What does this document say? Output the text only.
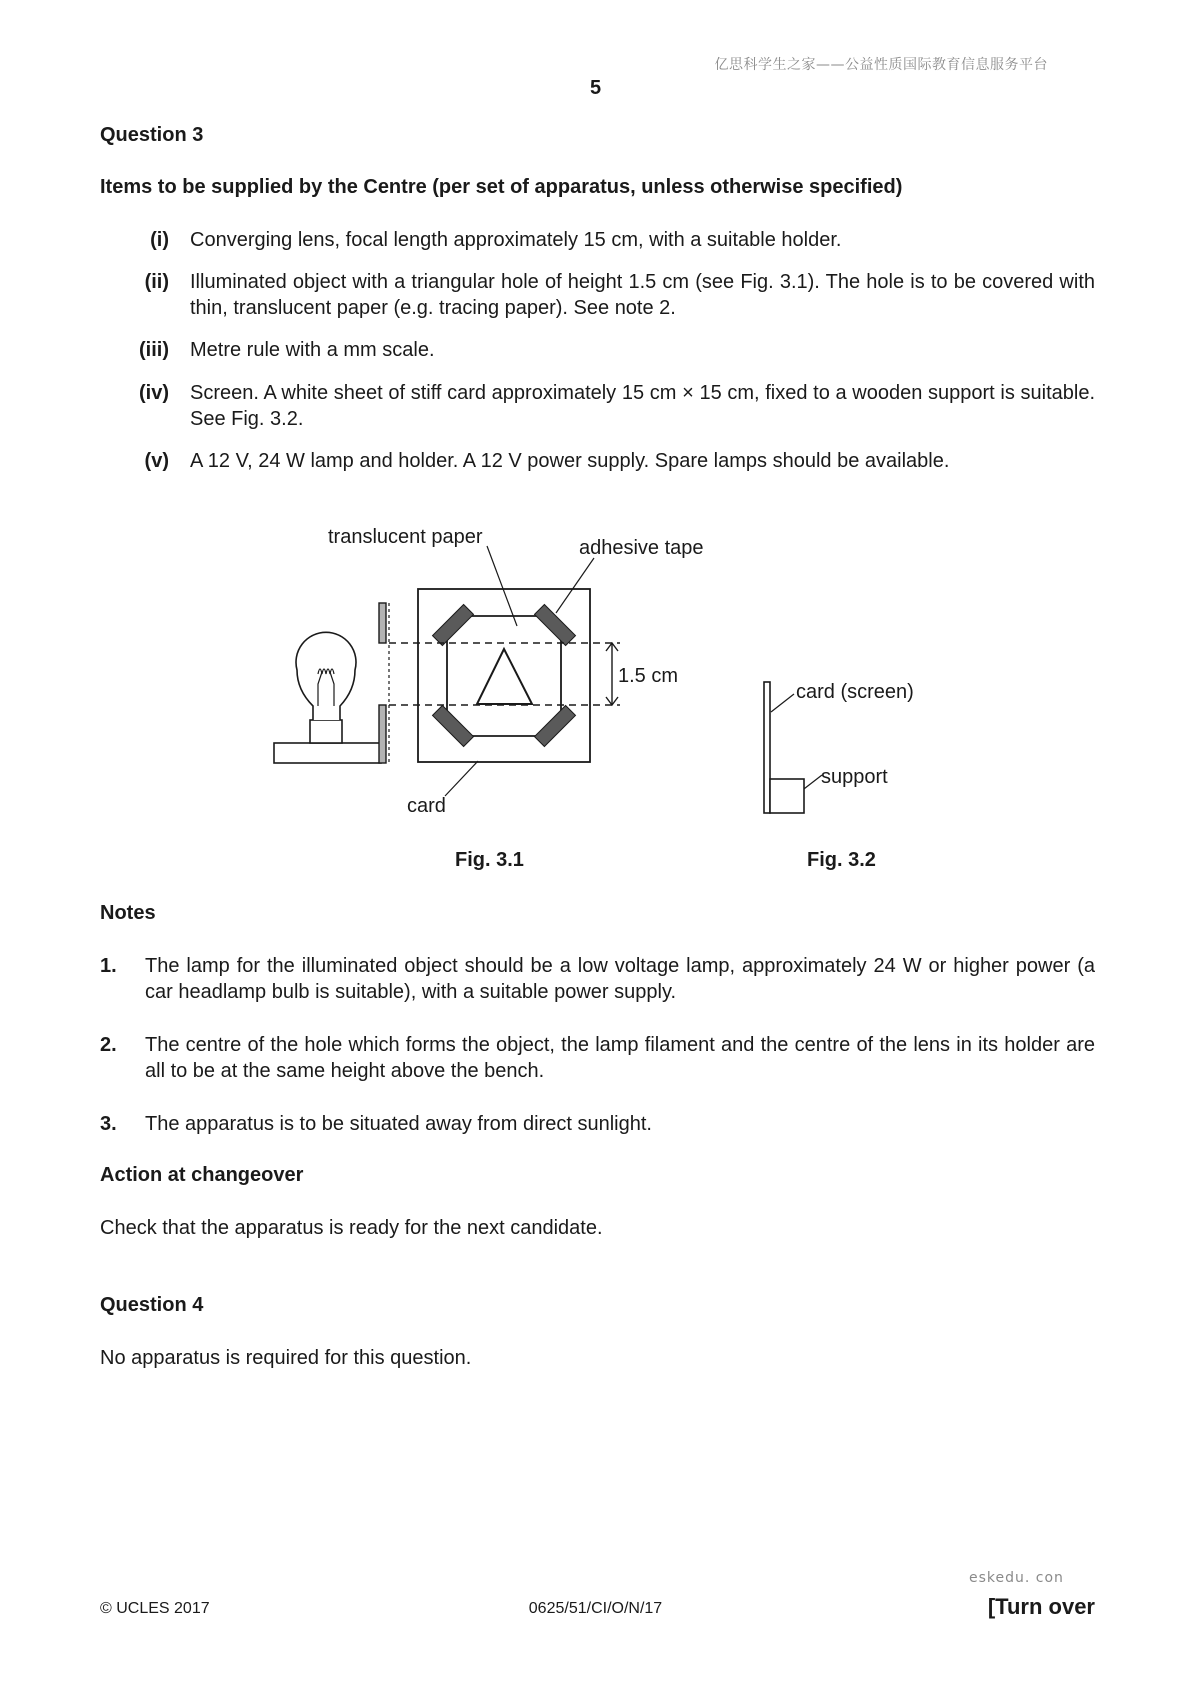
亿思科学生之家——公益性质国际教育信息服务平台
5
Question 3
Items to be supplied by the Centre (per set of apparatus, unless otherwise specified)
(i) Converging lens, focal length approximately 15 cm, with a suitable holder.
(ii) Illuminated object with a triangular hole of height 1.5 cm (see Fig. 3.1). The hole is to be covered with thin, translucent paper (e.g. tracing paper). See note 2.
(iii) Metre rule with a mm scale.
(iv) Screen. A white sheet of stiff card approximately 15 cm × 15 cm, fixed to a wooden support is suitable. See Fig. 3.2.
(v) A 12 V, 24 W lamp and holder. A 12 V power supply. Spare lamps should be available.
translucent paper	adhesive tape
1.5 cm
card
Fig. 3.1
card (screen)
support
Fig. 3.2
Notes
1. The lamp for the illuminated object should be a low voltage lamp, approximately 24 W or higher power (a car headlamp bulb is suitable), with a suitable power supply.
2. The centre of the hole which forms the object, the lamp filament and the centre of the lens in its holder are all to be at the same height above the bench.
3. The apparatus is to be situated away from direct sunlight.
Action at changeover
Check that the apparatus is ready for the next candidate.
Question 4
No apparatus is required for this question.
eskedu. con
© UCLES 2017	0625/51/CI/O/N/17	[Turn over
